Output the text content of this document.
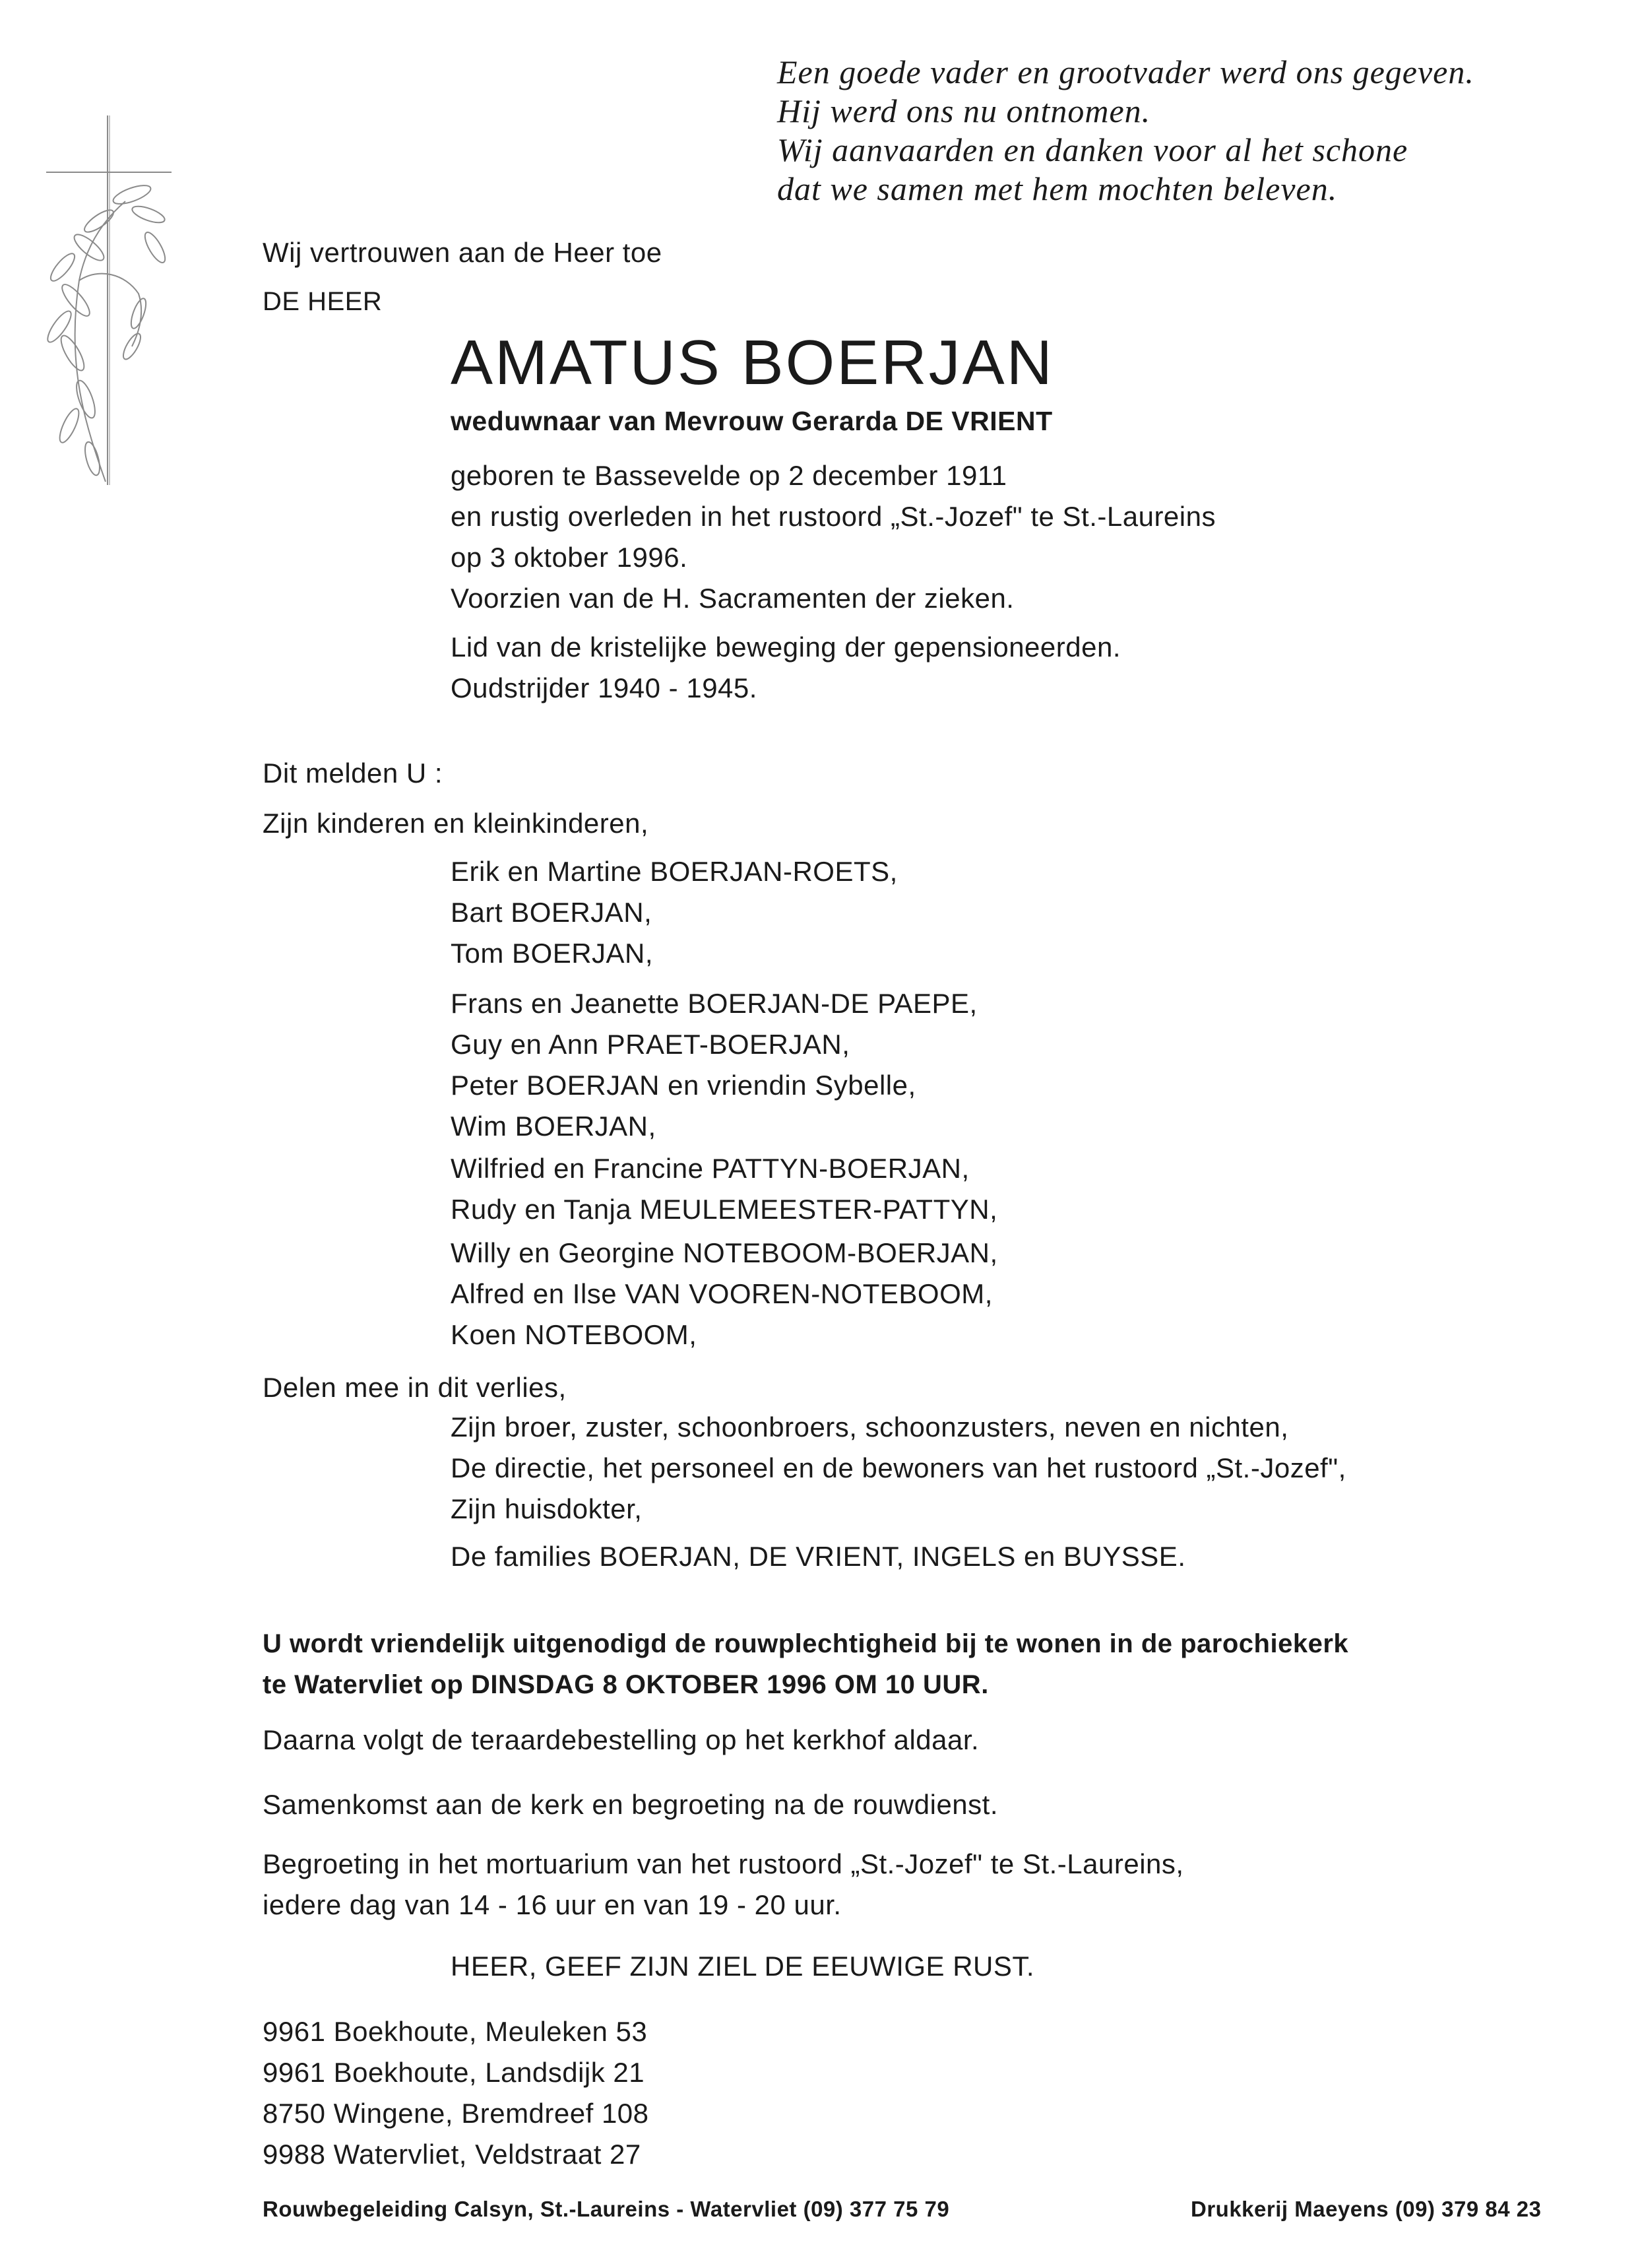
Een goede vader en grootvader werd ons gegeven.
Hij werd ons nu ontnomen.
Wij aanvaarden en danken voor al het schone
dat we samen met hem mochten beleven.
Wij vertrouwen aan de Heer toe
DE HEER
AMATUS BOERJAN
weduwnaar van Mevrouw Gerarda DE VRIENT
geboren te Bassevelde op 2 december 1911
en rustig overleden in het rustoord „St.-Jozef" te St.-Laureins
op 3 oktober 1996.
Voorzien van de H. Sacramenten der zieken.
Lid van de kristelijke beweging der gepensioneerden.
Oudstrijder 1940 - 1945.
Dit melden U :
Zijn kinderen en kleinkinderen,
Erik en Martine BOERJAN-ROETS,
Bart BOERJAN,
Tom BOERJAN,
Frans en Jeanette BOERJAN-DE PAEPE,
Guy en Ann PRAET-BOERJAN,
Peter BOERJAN en vriendin Sybelle,
Wim BOERJAN,
Wilfried en Francine PATTYN-BOERJAN,
Rudy en Tanja MEULEMEESTER-PATTYN,
Willy en Georgine NOTEBOOM-BOERJAN,
Alfred en Ilse VAN VOOREN-NOTEBOOM,
Koen NOTEBOOM,
Delen mee in dit verlies,
Zijn broer, zuster, schoonbroers, schoonzusters, neven en nichten,
De directie, het personeel en de bewoners van het rustoord „St.-Jozef",
Zijn huisdokter,
De families BOERJAN, DE VRIENT, INGELS en BUYSSE.
U wordt vriendelijk uitgenodigd de rouwplechtigheid bij te wonen in de parochiekerk
te Watervliet op DINSDAG 8 OKTOBER 1996 OM 10 UUR.
Daarna volgt de teraardebestelling op het kerkhof aldaar.
Samenkomst aan de kerk en begroeting na de rouwdienst.
Begroeting in het mortuarium van het rustoord „St.-Jozef" te St.-Laureins,
iedere dag van 14 - 16 uur en van 19 - 20 uur.
HEER, GEEF ZIJN ZIEL DE EEUWIGE RUST.
9961 Boekhoute, Meuleken 53
9961 Boekhoute, Landsdijk 21
8750 Wingene, Bremdreef 108
9988 Watervliet, Veldstraat 27
Rouwbegeleiding Calsyn, St.-Laureins - Watervliet (09) 377 75 79	Drukkerij Maeyens (09) 379 84 23
